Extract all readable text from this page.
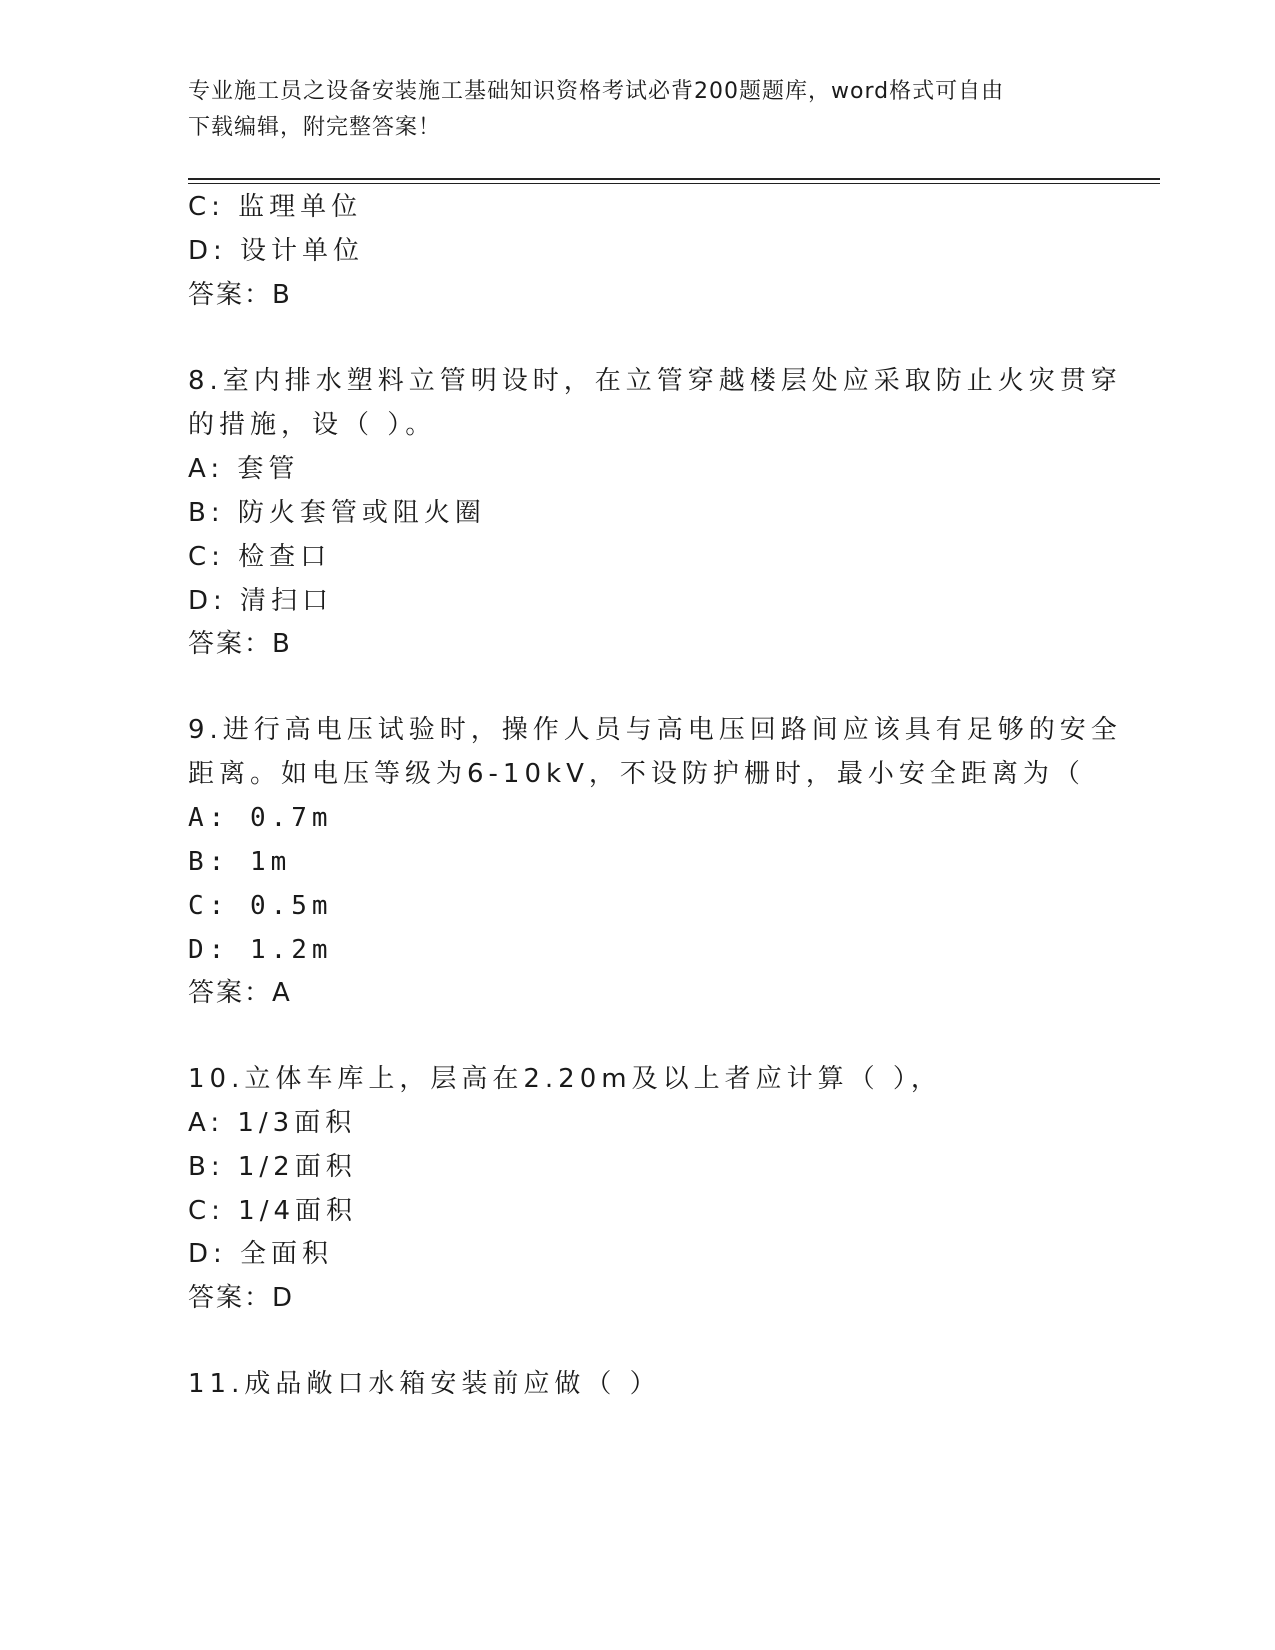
专业施工员之设备安装施工基础知识资格考试必背200题题库，word格式可自由
下载编辑，附完整答案！
C: 监理单位
D: 设计单位
答案：B
8.室内排水塑料立管明设时，在立管穿越楼层处应采取防止火灾贯穿
的措施，设（ ）。
A: 套管
B: 防火套管或阻火圈
C: 检查口
D: 清扫口
答案：B
9.进行高电压试验时，操作人员与高电压回路间应该具有足够的安全
距离。如电压等级为6-10kV，不设防护栅时，最小安全距离为（
A: 0.7m
B: 1m
C: 0.5m
D: 1.2m
答案：A
10.立体车库上，层高在2.20m及以上者应计算（ ），
A: 1/3面积
B: 1/2面积
C: 1/4面积
D: 全面积
答案：D
11.成品敞口水箱安装前应做（ ）
